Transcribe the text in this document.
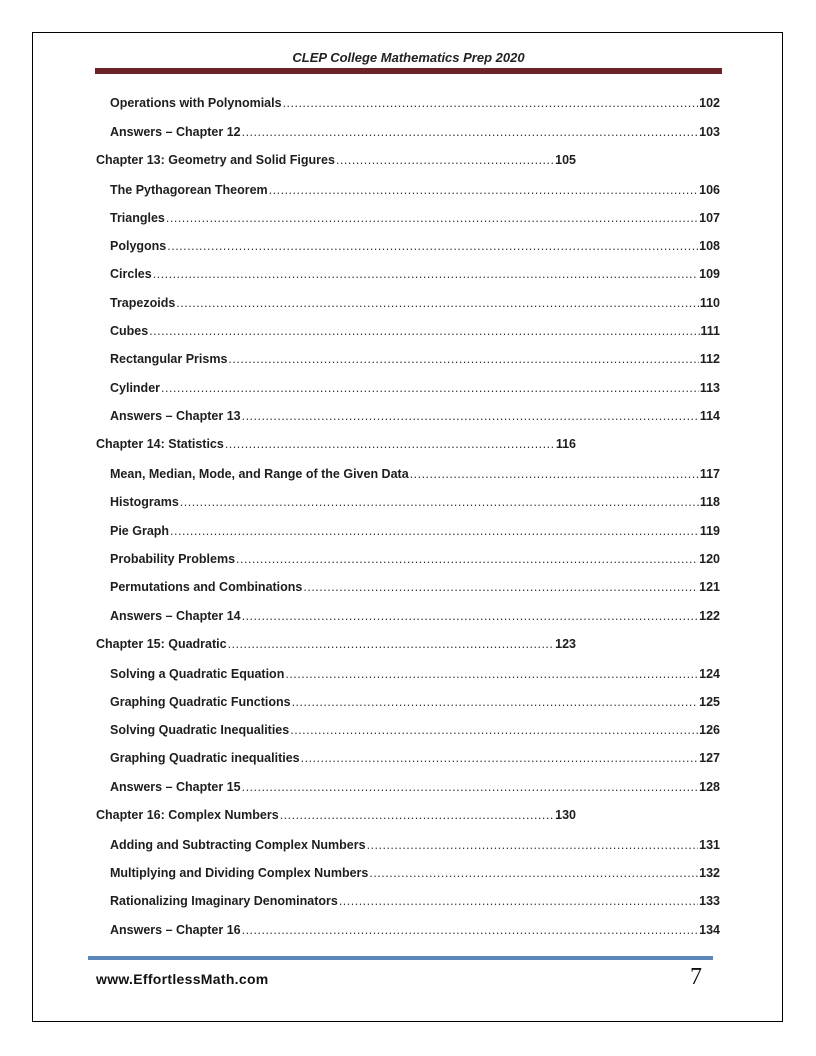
CLEP College Mathematics Prep 2020
Operations with Polynomials .....	102
Answers – Chapter 12 .....	103
Chapter 13: Geometry and Solid Figures .....	105
The Pythagorean Theorem .....	106
Triangles .....	107
Polygons .....	108
Circles .....	109
Trapezoids .....	110
Cubes .....	111
Rectangular Prisms .....	112
Cylinder .....	113
Answers – Chapter 13 .....	114
Chapter 14: Statistics .....	116
Mean, Median, Mode, and Range of the Given Data .....	117
Histograms .....	118
Pie Graph .....	119
Probability Problems .....	120
Permutations and Combinations .....	121
Answers – Chapter 14 .....	122
Chapter 15: Quadratic .....	123
Solving a Quadratic Equation .....	124
Graphing Quadratic Functions .....	125
Solving Quadratic Inequalities .....	126
Graphing Quadratic inequalities .....	127
Answers – Chapter 15 .....	128
Chapter 16: Complex Numbers .....	130
Adding and Subtracting Complex Numbers .....	131
Multiplying and Dividing Complex Numbers .....	132
Rationalizing Imaginary Denominators .....	133
Answers – Chapter 16 .....	134
www.EffortlessMath.com	7
